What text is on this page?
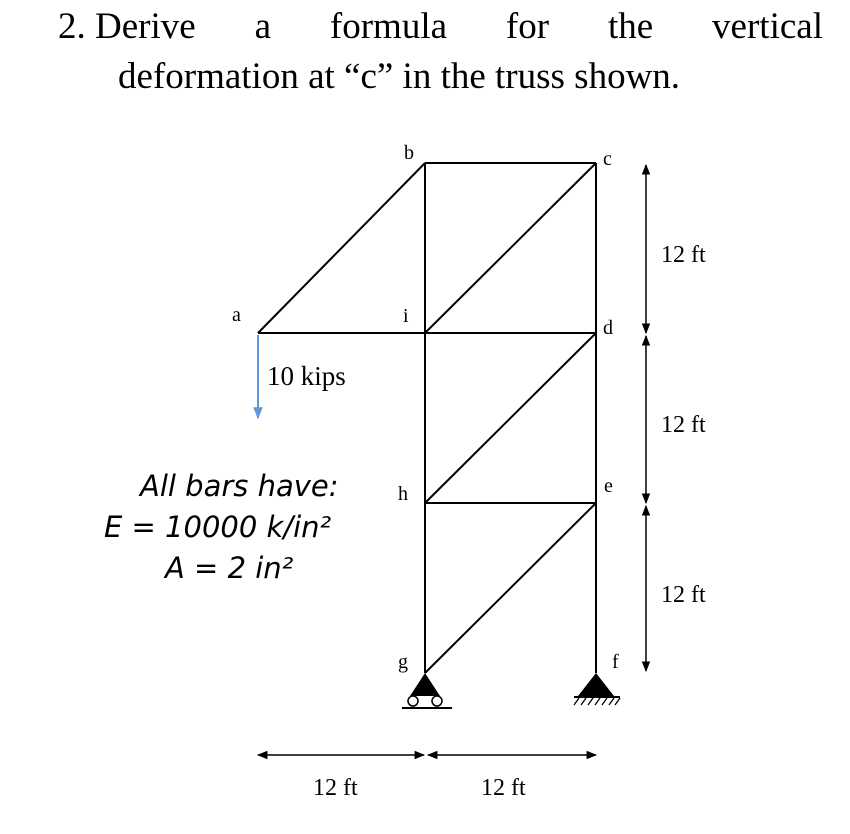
2. Derive a formula for the vertical
deformation at “c” in the truss shown.
a
b	c
i
d
h	e
g	f
10 kips
12 ft
12 ft
12 ft
12 ft	12 ft
All bars have:
E = 10000 k/in²
A = 2 in²
